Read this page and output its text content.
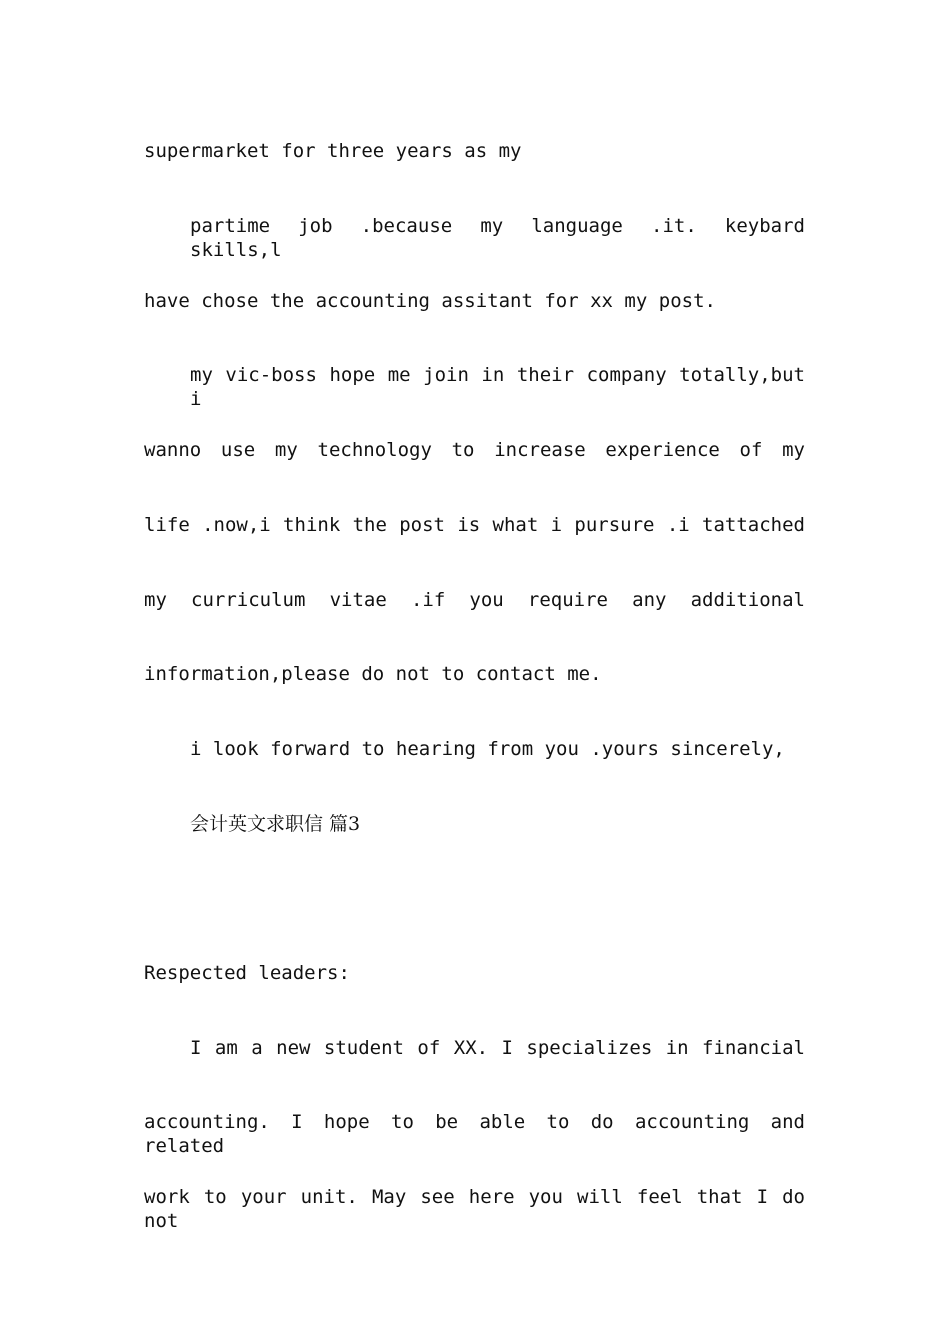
supermarket for three years as my
partime job .because my language .it. keybard skills,l
have chose the accounting assitant for xx my post.
my vic-boss hope me join in their company totally,but i
wanno use my technology to increase experience of my
life .now,i think the post is what i pursure .i tattached
my curriculum vitae .if you require any additional
information,please do not to contact me.
i look forward to hearing from you .yours sincerely,
会计英文求职信 篇3
Respected leaders:
I am a new student of XX. I specializes in financial
accounting. I hope to be able to do accounting and related
work to your unit. May see here you will feel that I do not
